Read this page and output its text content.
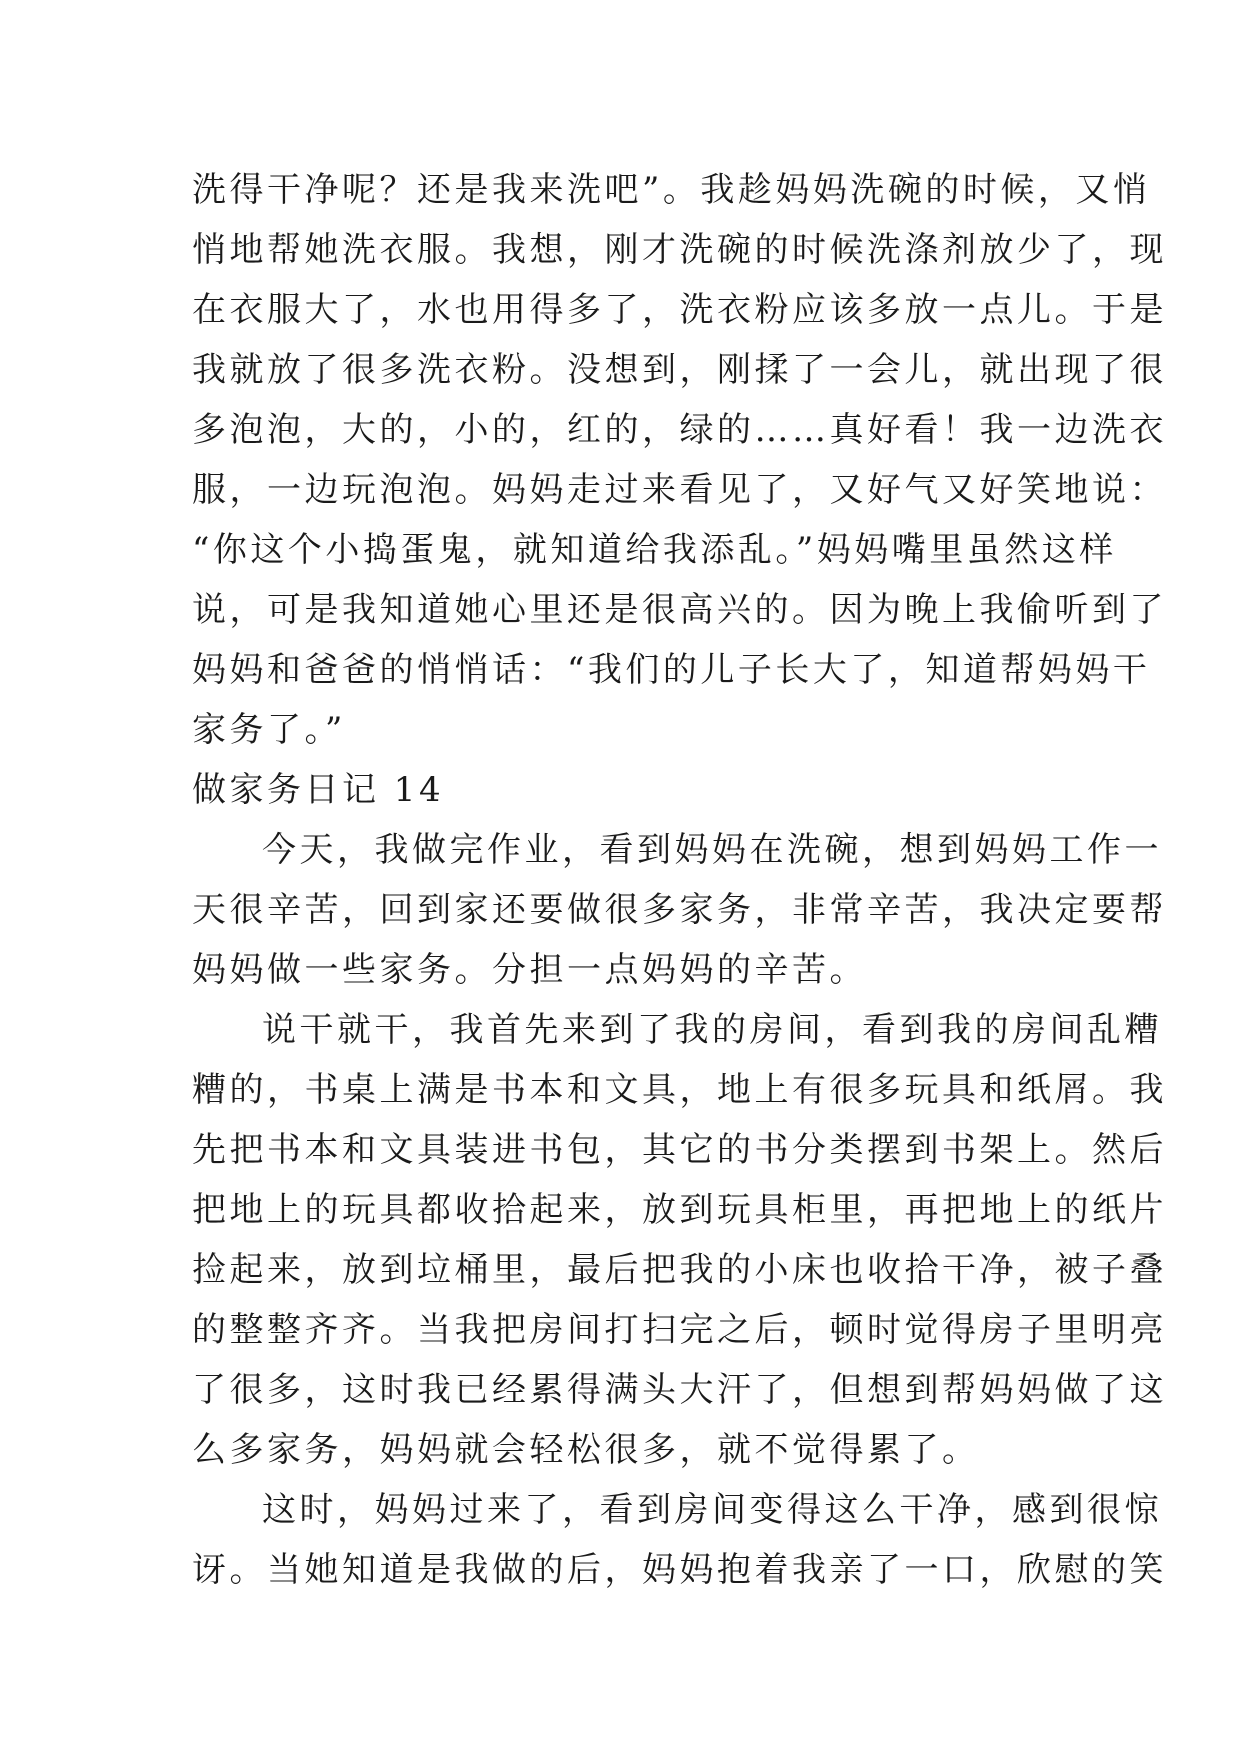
洗得干净呢？还是我来洗吧”。我趁妈妈洗碗的时候，又悄
悄地帮她洗衣服。我想，刚才洗碗的时候洗涤剂放少了，现
在衣服大了，水也用得多了，洗衣粉应该多放一点儿。于是
我就放了很多洗衣粉。没想到，刚揉了一会儿，就出现了很
多泡泡，大的，小的，红的，绿的……真好看！我一边洗衣
服，一边玩泡泡。妈妈走过来看见了，又好气又好笑地说：
“你这个小捣蛋鬼，就知道给我添乱。”妈妈嘴里虽然这样
说，可是我知道她心里还是很高兴的。因为晚上我偷听到了
妈妈和爸爸的悄悄话：“我们的儿子长大了，知道帮妈妈干
家务了。”
做家务日记 14
今天，我做完作业，看到妈妈在洗碗，想到妈妈工作一
天很辛苦，回到家还要做很多家务，非常辛苦，我决定要帮
妈妈做一些家务。分担一点妈妈的辛苦。
说干就干，我首先来到了我的房间，看到我的房间乱糟
糟的，书桌上满是书本和文具，地上有很多玩具和纸屑。我
先把书本和文具装进书包，其它的书分类摆到书架上。然后
把地上的玩具都收拾起来，放到玩具柜里，再把地上的纸片
捡起来，放到垃桶里，最后把我的小床也收拾干净，被子叠
的整整齐齐。当我把房间打扫完之后，顿时觉得房子里明亮
了很多，这时我已经累得满头大汗了，但想到帮妈妈做了这
么多家务，妈妈就会轻松很多，就不觉得累了。
这时，妈妈过来了，看到房间变得这么干净，感到很惊
讶。当她知道是我做的后，妈妈抱着我亲了一口，欣慰的笑
